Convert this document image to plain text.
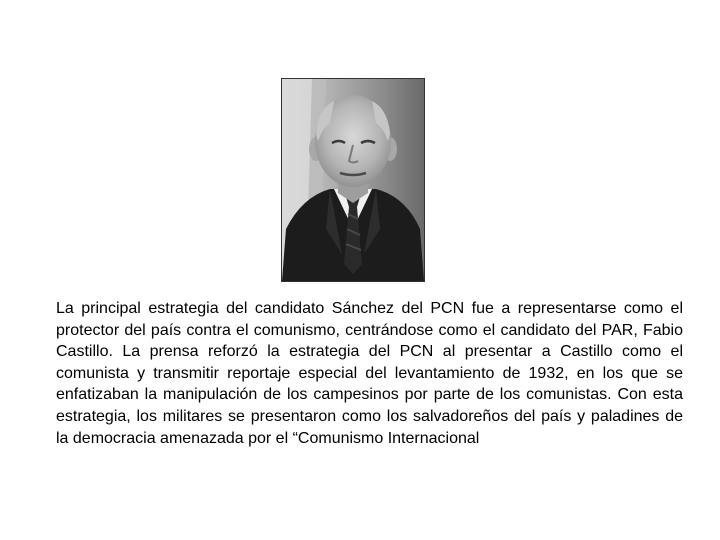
La principal estrategia del candidato Sánchez del PCN fue a representarse como el protector del país contra el comunismo, centrándose como el candidato del PAR, Fabio Castillo. La prensa reforzó la estrategia del PCN al presentar a Castillo como el comunista y transmitir reportaje especial del levantamiento de 1932, en los que se enfatizaban la manipulación de los campesinos por parte de los comunistas. Con esta estrategia, los militares se presentaron como los salvadoreños del país y paladines de la democracia amenazada por el “Comunismo Internacional
